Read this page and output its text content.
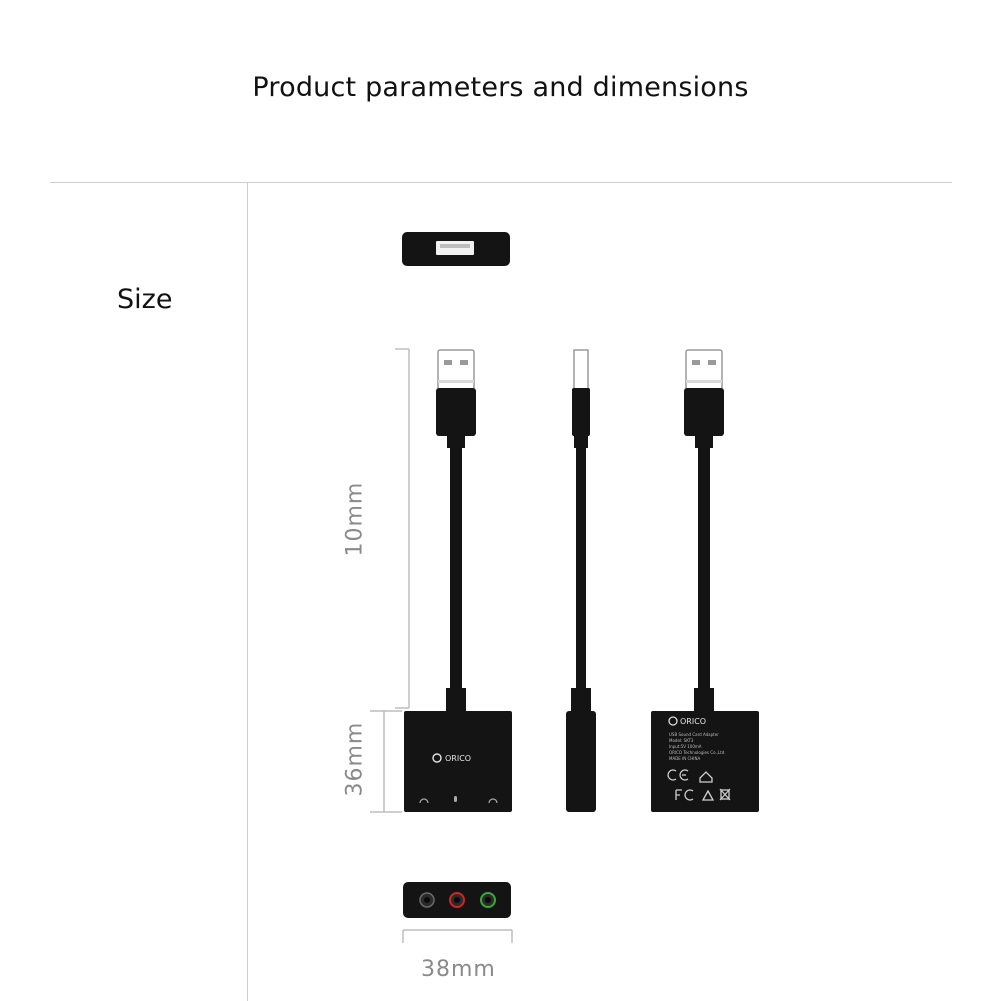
Product parameters and dimensions
Size
ORICO
ORICO
USB Sound Card Adapter
Model: SKT3
Input:5V 100mA
ORICO Technologies Co.,Ltd.
MADE IN CHINA
10mm
36mm
38mm
